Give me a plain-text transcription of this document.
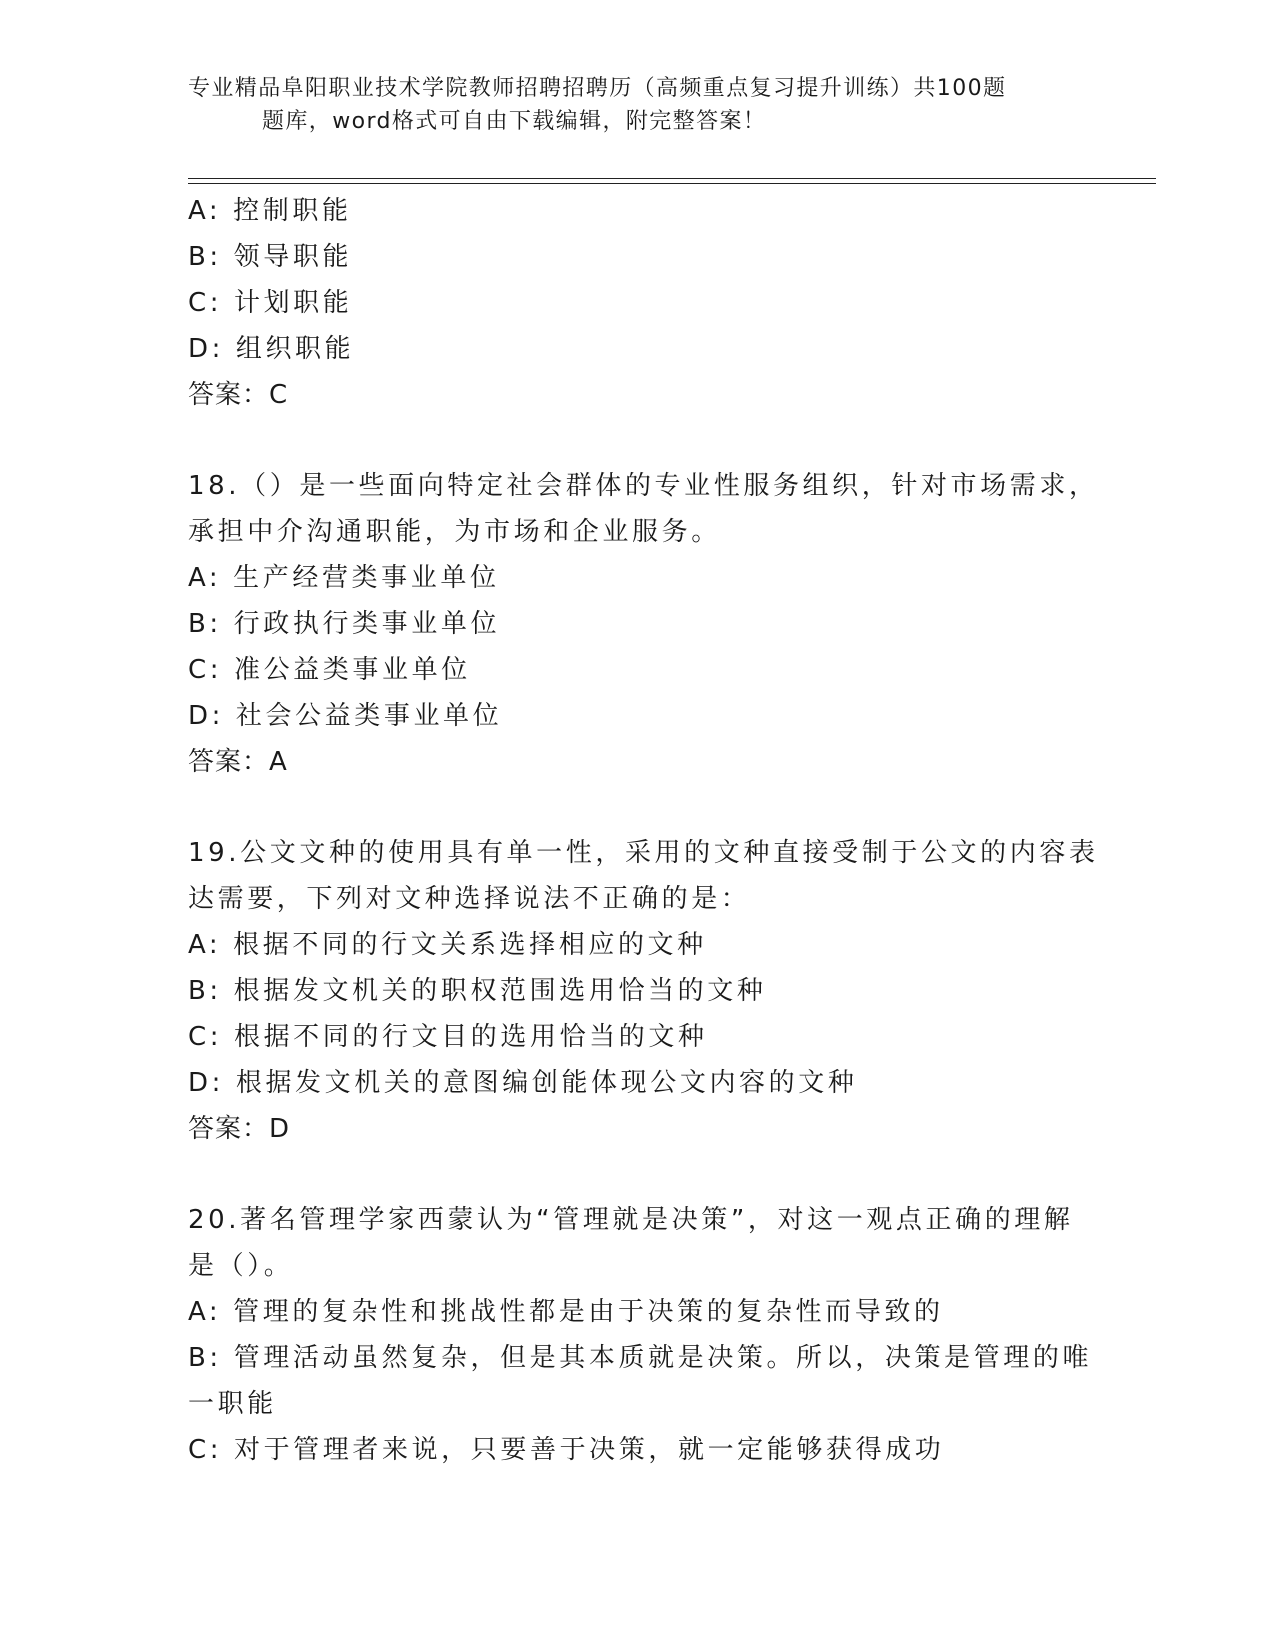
专业精品阜阳职业技术学院教师招聘招聘历（高频重点复习提升训练）共100题
题库，word格式可自由下载编辑，附完整答案！
A: 控制职能
B: 领导职能
C: 计划职能
D: 组织职能
答案：C
18.（）是一些面向特定社会群体的专业性服务组织，针对市场需求，
承担中介沟通职能，为市场和企业服务。
A: 生产经营类事业单位
B: 行政执行类事业单位
C: 准公益类事业单位
D: 社会公益类事业单位
答案：A
19.公文文种的使用具有单一性，采用的文种直接受制于公文的内容表
达需要，下列对文种选择说法不正确的是：
A: 根据不同的行文关系选择相应的文种
B: 根据发文机关的职权范围选用恰当的文种
C: 根据不同的行文目的选用恰当的文种
D: 根据发文机关的意图编创能体现公文内容的文种
答案：D
20.著名管理学家西蒙认为“管理就是决策”，对这一观点正确的理解
是（）。
A: 管理的复杂性和挑战性都是由于决策的复杂性而导致的
B: 管理活动虽然复杂，但是其本质就是决策。所以，决策是管理的唯
一职能
C: 对于管理者来说，只要善于决策，就一定能够获得成功
